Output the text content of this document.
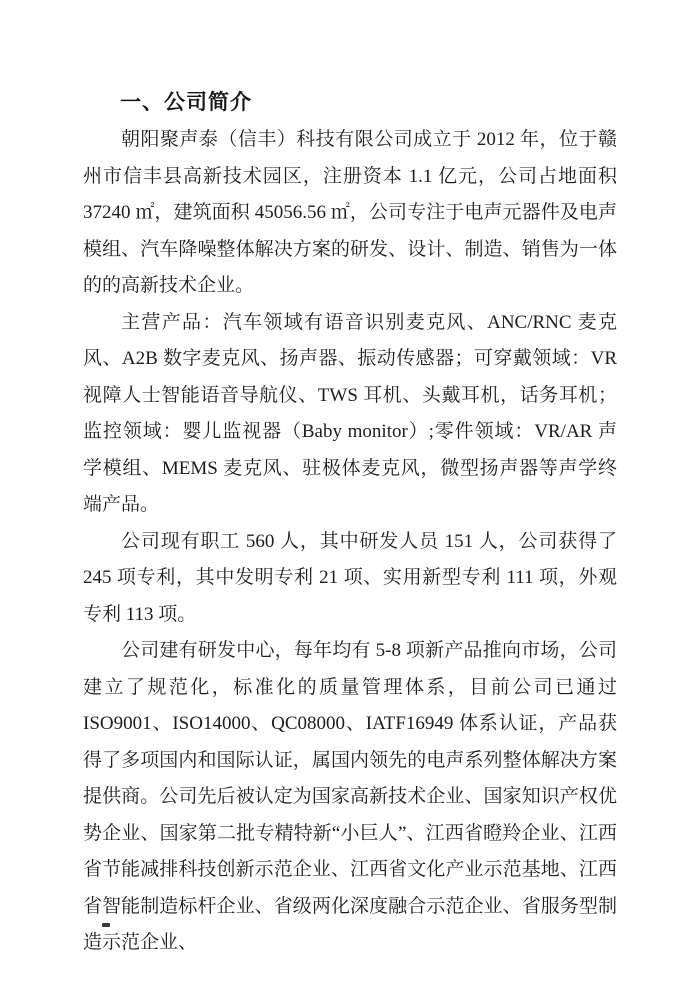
一、公司简介

朝阳聚声泰（信丰）科技有限公司成立于 2012 年，位于赣州市信丰县高新技术园区，注册资本 1.1 亿元，公司占地面积 37240 ㎡，建筑面积 45056.56 ㎡，公司专注于电声元器件及电声模组、汽车降噪整体解决方案的研发、设计、制造、销售为一体的的高新技术企业。

主营产品：汽车领域有语音识别麦克风、ANC/RNC 麦克风、A2B 数字麦克风、扬声器、振动传感器；可穿戴领域：VR 视障人士智能语音导航仪、TWS 耳机、头戴耳机，话务耳机；监控领域：婴儿监视器（Baby monitor）;零件领域：VR/AR 声学模组、MEMS 麦克风、驻极体麦克风，微型扬声器等声学终端产品。

公司现有职工 560 人，其中研发人员 151 人，公司获得了 245 项专利，其中发明专利 21 项、实用新型专利 111 项，外观专利 113 项。

公司建有研发中心，每年均有 5-8 项新产品推向市场，公司建立了规范化，标准化的质量管理体系，目前公司已通过 ISO9001、ISO14000、QC08000、IATF16949 体系认证，产品获得了多项国内和国际认证，属国内领先的电声系列整体解决方案提供商。公司先后被认定为国家高新技术企业、国家知识产权优势企业、国家第二批专精特新“小巨人”、江西省瞪羚企业、江西省节能减排科技创新示范企业、江西省文化产业示范基地、江西省智能制造标杆企业、省级两化深度融合示范企业、省服务型制造示范企业、
